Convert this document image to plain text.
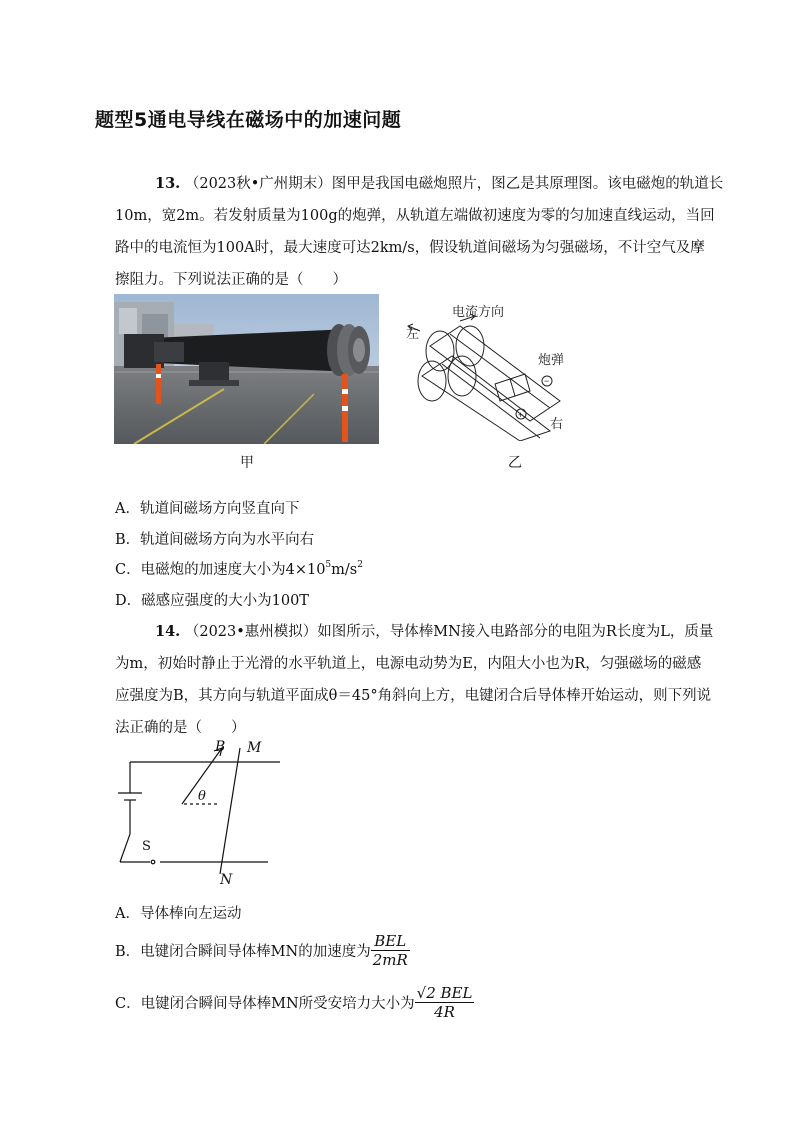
题型5通电导线在磁场中的加速问题
13. （2023秋•广州期末）图甲是我国电磁炮照片，图乙是其原理图。该电磁炮的轨道长
10m，宽2m。若发射质量为100g的炮弹，从轨道左端做初速度为零的匀加速直线运动，当回
路中的电流恒为100A时，最大速度可达2km/s，假设轨道间磁场为匀强磁场，不计空气及摩
擦阻力。下列说法正确的是（　　）
甲
+
−
电流方向
左
炮弹
右
乙
A．轨道间磁场方向竖直向下
B．轨道间磁场方向为水平向右
C．电磁炮的加速度大小为$4\times 10^5m/s^2$
D．磁感应强度的大小为100T
14. （2023•惠州模拟）如图所示，导体棒MN接入电路部分的电阻为R长度为L，质量
为m，初始时静止于光滑的水平轨道上，电源电动势为E，内阻大小也为R，匀强磁场的磁感
应强度为B，其方向与轨道平面成θ＝45°角斜向上方，电键闭合后导体棒开始运动，则下列说
法正确的是（　　）
B M
θ
S
N
A．导体棒向左运动
B．电键闭合瞬间导体棒MN的加速度为 $\frac{\text{BEL}}{2mR}$
C．电键闭合瞬间导体棒MN所受安培力大小为 $\frac{\text{√2 BEL}}{4R}$
